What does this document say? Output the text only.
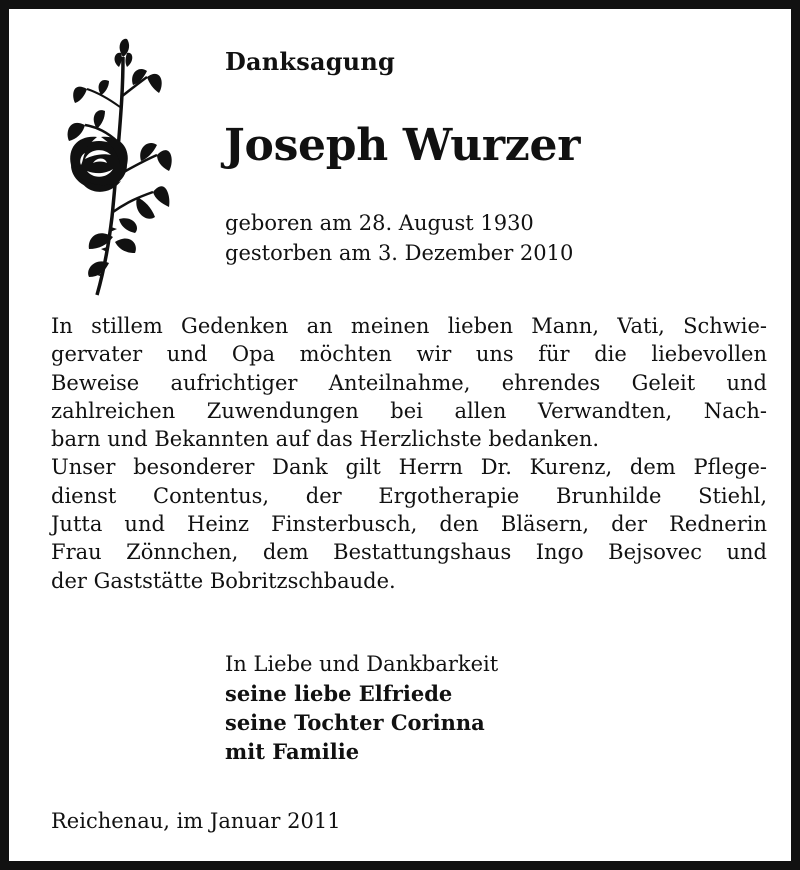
Danksagung
Joseph Wurzer
geboren am 28. August 1930
gestorben am 3. Dezember 2010
In stillem Gedenken an meinen lieben Mann, Vati, Schwie-
gervater und Opa möchten wir uns für die liebevollen
Beweise aufrichtiger Anteilnahme, ehrendes Geleit und
zahlreichen Zuwendungen bei allen Verwandten, Nach-
barn und Bekannten auf das Herzlichste bedanken.
Unser besonderer Dank gilt Herrn Dr. Kurenz, dem Pflege-
dienst Contentus, der Ergotherapie Brunhilde Stiehl,
Jutta und Heinz Finsterbusch, den Bläsern, der Rednerin
Frau Zönnchen, dem Bestattungshaus Ingo Bejsovec und
der Gaststätte Bobritzschbaude.
In Liebe und Dankbarkeit
seine liebe Elfriede
seine Tochter Corinna
mit Familie
Reichenau, im Januar 2011
